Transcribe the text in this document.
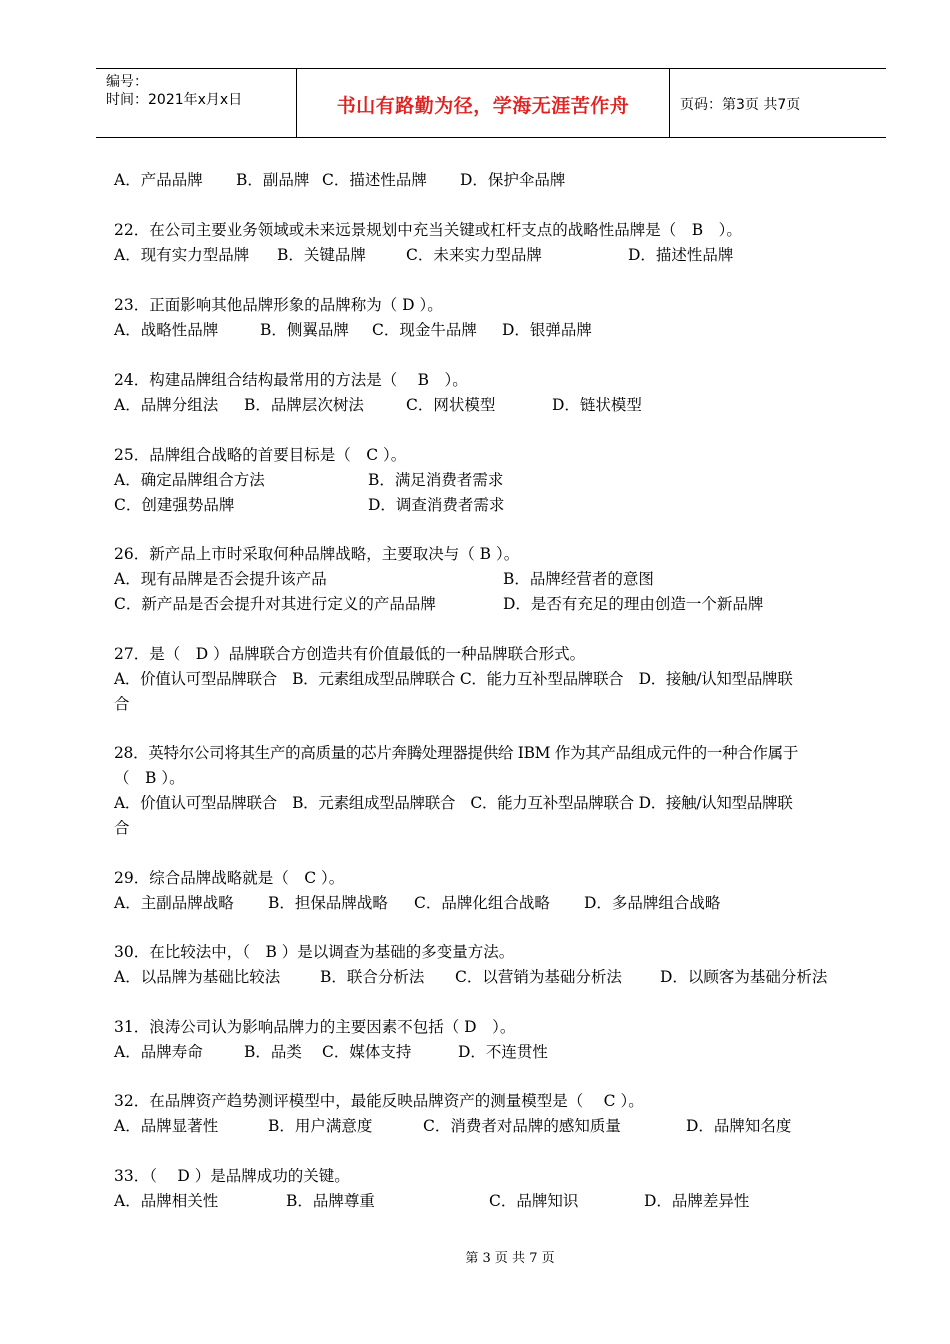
编号：
时间：2021年x月x日	书山有路勤为径，学海无涯苦作舟	页码：第3页 共7页
A．产品品牌 B．副品牌 C．描述性品牌 D．保护伞品牌
22．在公司主要业务领域或未来远景规划中充当关键或杠杆支点的战略性品牌是（　B　）。
A．现有实力型品牌 B．关键品牌	C．未来实力型品牌	D．描述性品牌
23．正面影响其他品牌形象的品牌称为（ D ）。
A．战略性品牌	B．侧翼品牌 C．现金牛品牌 D．银弹品牌
24．构建品牌组合结构最常用的方法是（　 B　）。
A．品牌分组法 B．品牌层次树法	C．网状模型	D．链状模型
25．品牌组合战略的首要目标是（　C ）。
A．确定品牌组合方法	B．满足消费者需求
C．创建强势品牌	D．调查消费者需求
26．新产品上市时采取何种品牌战略，主要取决与（ B ）。
A．现有品牌是否会提升该产品	B．品牌经营者的意图
C．新产品是否会提升对其进行定义的产品品牌	D．是否有充足的理由创造一个新品牌
27．是（　D ）品牌联合方创造共有价值最低的一种品牌联合形式。
A．价值认可型品牌联合　B．元素组成型品牌联合 C．能力互补型品牌联合　D．接触/认知型品牌联
合
28．英特尔公司将其生产的高质量的芯片奔腾处理器提供给 IBM 作为其产品组成元件的一种合作属于
（　B ）。
A．价值认可型品牌联合　B．元素组成型品牌联合　C．能力互补型品牌联合 D．接触/认知型品牌联
合
29．综合品牌战略就是（　C ）。
A．主副品牌战略 B．担保品牌战略 C．品牌化组合战略 D．多品牌组合战略
30．在比较法中，（　B ）是以调查为基础的多变量方法。
A．以品牌为基础比较法	B．联合分析法 C．以营销为基础分析法 D．以顾客为基础分析法
31．浪涛公司认为影响品牌力的主要因素不包括（ D　）。
A．品牌寿命	B．品类 C．媒体支持	D．不连贯性
32．在品牌资产趋势测评模型中，最能反映品牌资产的测量模型是（　 C ）。
A．品牌显著性	B．用户满意度	C．消费者对品牌的感知质量	D．品牌知名度
33．（　 D ）是品牌成功的关键。
A．品牌相关性	B．品牌尊重	C．品牌知识	D．品牌差异性
第 3 页 共 7 页
